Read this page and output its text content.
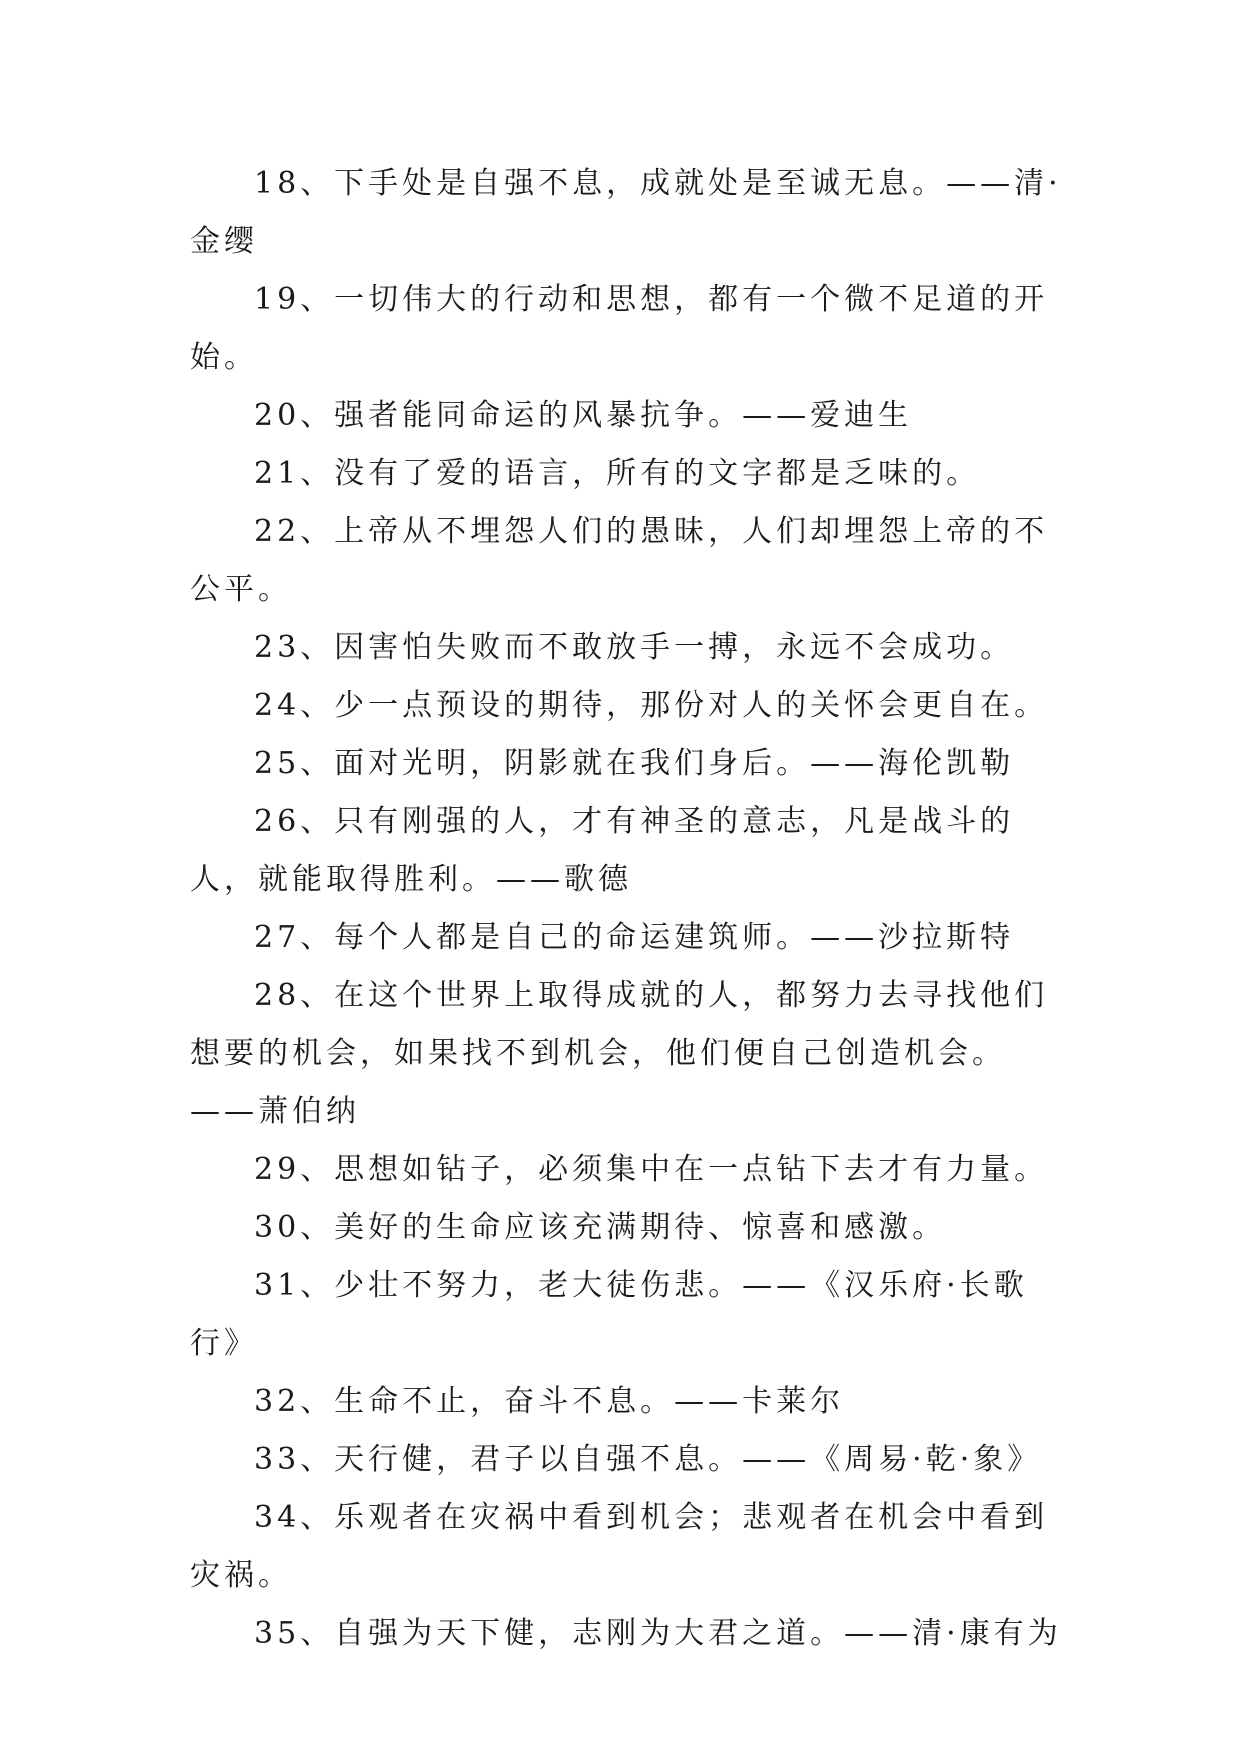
18、下手处是自强不息，成就处是至诚无息。——清·金缨

19、一切伟大的行动和思想，都有一个微不足道的开始。

20、强者能同命运的风暴抗争。——爱迪生

21、没有了爱的语言，所有的文字都是乏味的。

22、上帝从不埋怨人们的愚昧，人们却埋怨上帝的不公平。

23、因害怕失败而不敢放手一搏，永远不会成功。

24、少一点预设的期待，那份对人的关怀会更自在。

25、面对光明，阴影就在我们身后。——海伦凯勒

26、只有刚强的人，才有神圣的意志，凡是战斗的人，就能取得胜利。——歌德

27、每个人都是自己的命运建筑师。——沙拉斯特

28、在这个世界上取得成就的人，都努力去寻找他们想要的机会，如果找不到机会，他们便自己创造机会。——萧伯纳

29、思想如钻子，必须集中在一点钻下去才有力量。

30、美好的生命应该充满期待、惊喜和感激。

31、少壮不努力，老大徒伤悲。——《汉乐府·长歌行》

32、生命不止，奋斗不息。——卡莱尔

33、天行健，君子以自强不息。——《周易·乾·象》

34、乐观者在灾祸中看到机会；悲观者在机会中看到灾祸。

35、自强为天下健，志刚为大君之道。——清·康有为
